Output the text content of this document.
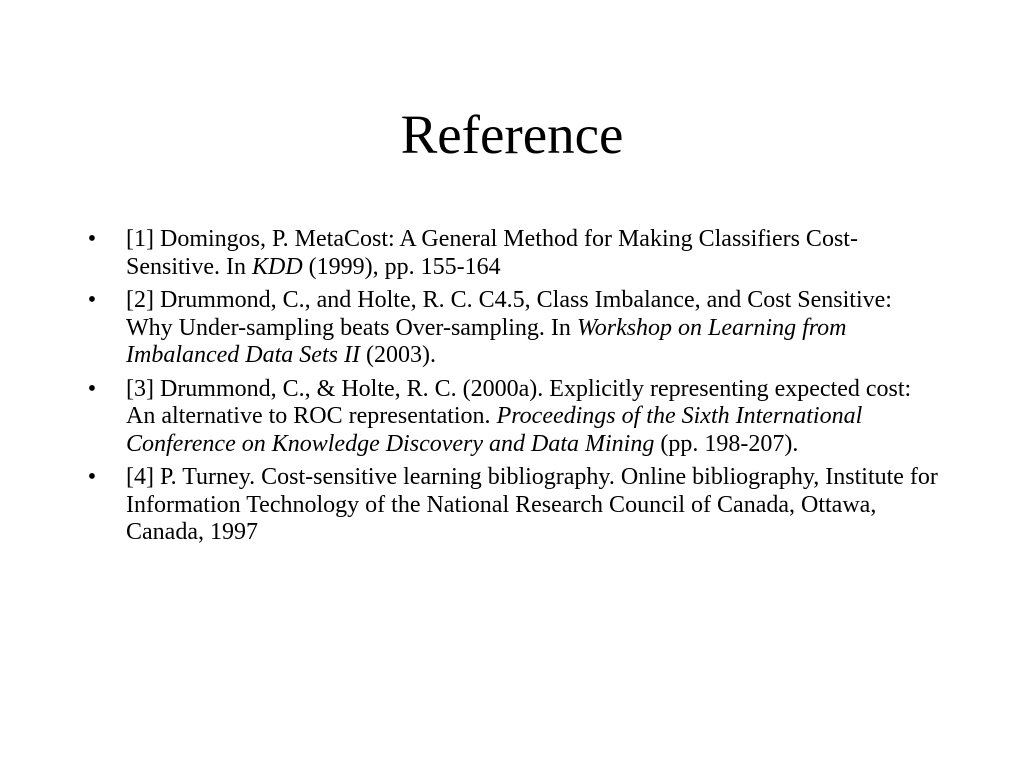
Reference
• [1] Domingos, P. MetaCost: A General Method for Making Classifiers Cost-Sensitive. In KDD (1999), pp. 155-164
• [2] Drummond, C., and Holte, R. C. C4.5, Class Imbalance, and Cost Sensitive: Why Under-sampling beats Over-sampling. In Workshop on Learning from Imbalanced Data Sets II (2003).
• [3] Drummond, C., & Holte, R. C. (2000a). Explicitly representing expected cost: An alternative to ROC representation. Proceedings of the Sixth International Conference on Knowledge Discovery and Data Mining (pp. 198-207).
• [4] P. Turney. Cost-sensitive learning bibliography. Online bibliography, Institute for Information Technology of the National Research Council of Canada, Ottawa, Canada, 1997
